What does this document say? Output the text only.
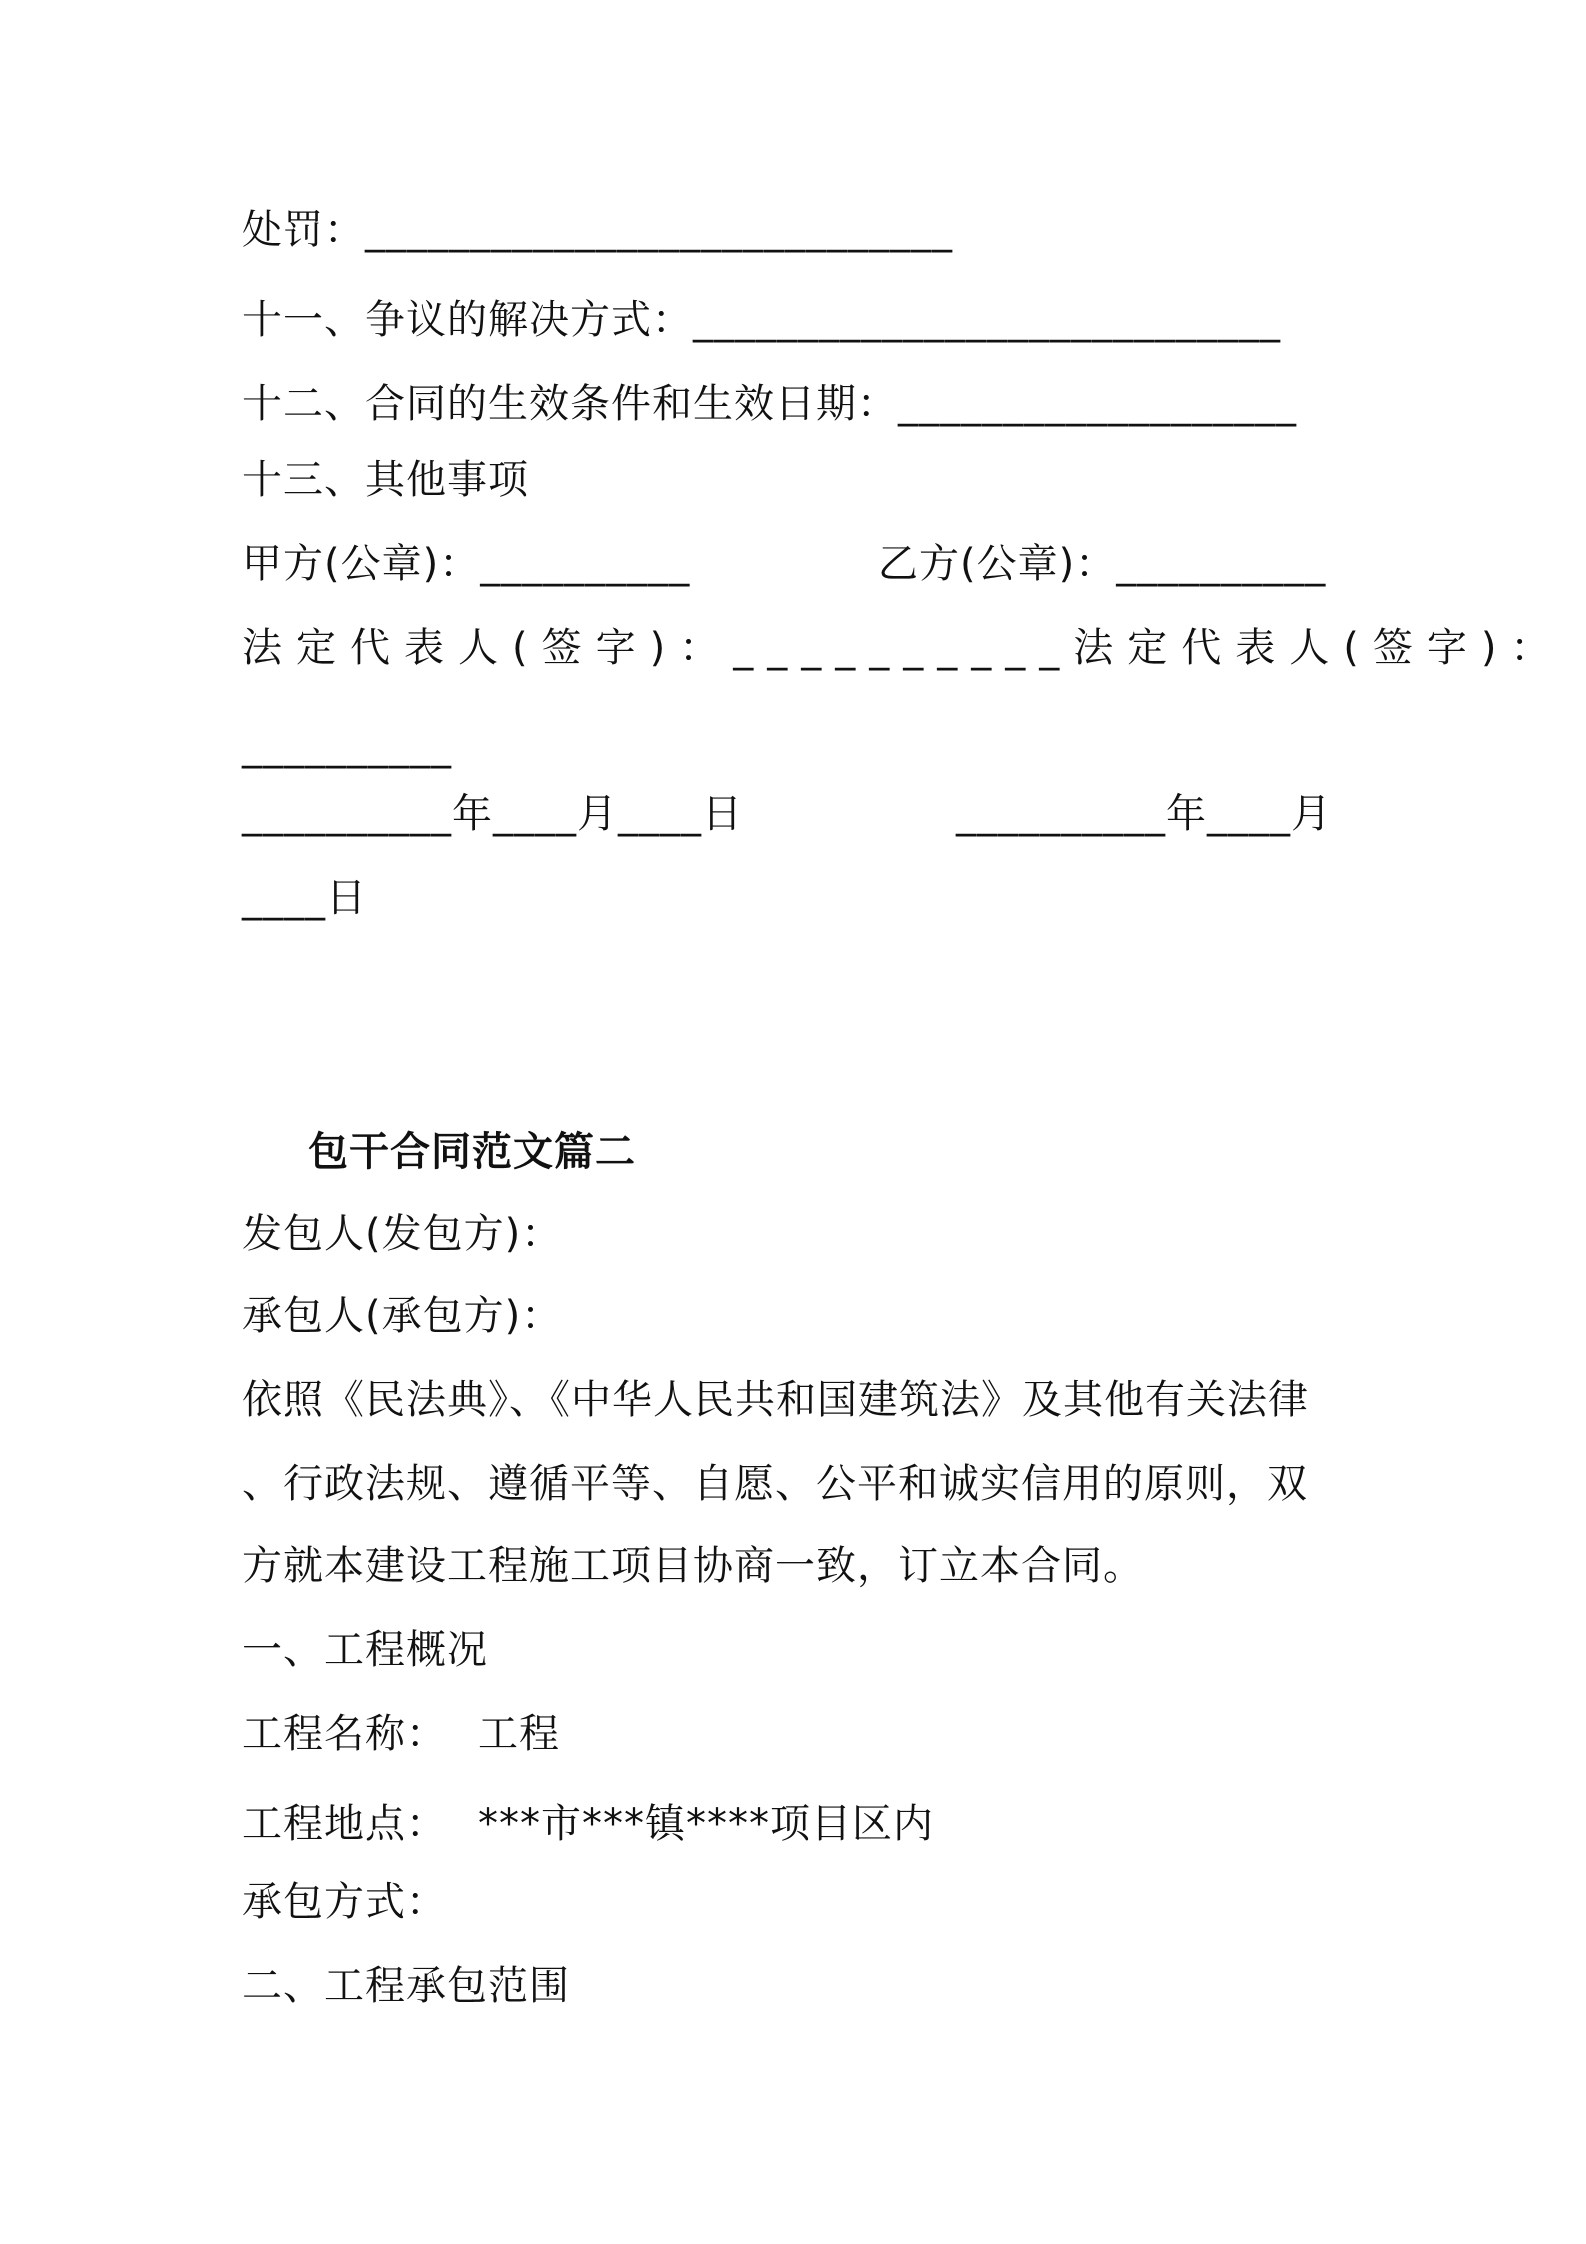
处罚：____________________________
十一、争议的解决方式：____________________________
十二、合同的生效条件和生效日期：___________________
十三、其他事项
甲方(公章)：__________	乙方(公章)：__________
法定代表人(签字)：__________法定代表人(签字)：
__________
__________年____月____日	__________年____月
____日
包干合同范文篇二
发包人(发包方)：
承包人(承包方)：
依照《民法典》、《中华人民共和国建筑法》及其他有关法律
、行政法规、遵循平等、自愿、公平和诚实信用的原则，双
方就本建设工程施工项目协商一致，订立本合同。
一、工程概况
工程名称： 工程
工程地点： ***市***镇****项目区内
承包方式：
二、工程承包范围
